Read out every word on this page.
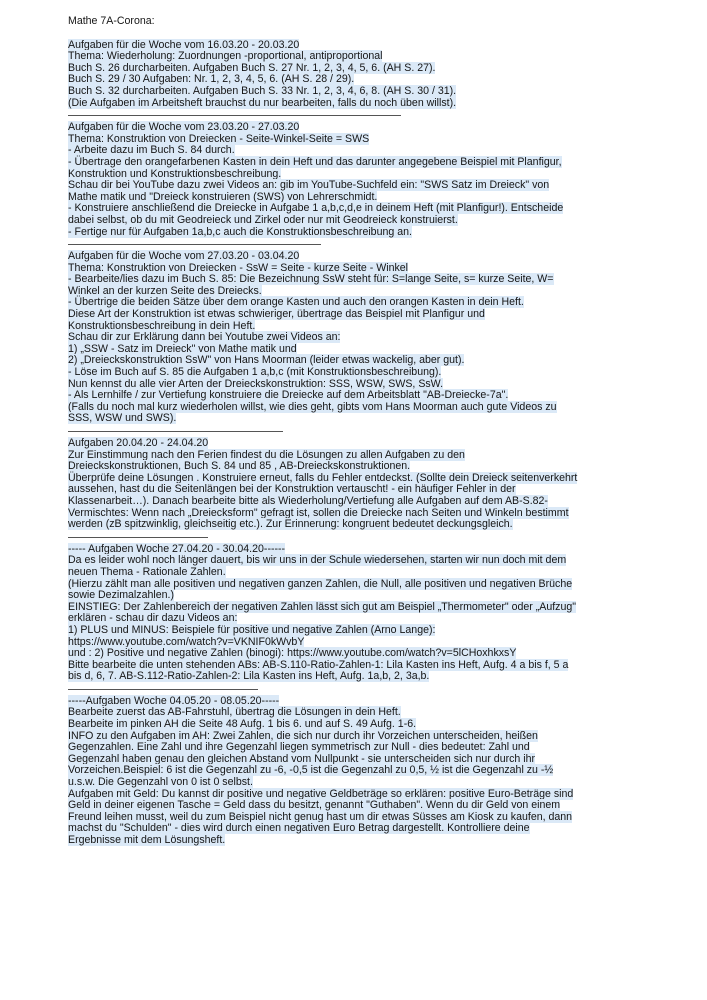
Mathe 7A-Corona:
Aufgaben für die Woche vom 16.03.20 - 20.03.20
Thema: Wiederholung: Zuordnungen -proportional, antiproportional
Buch S. 26 durcharbeiten. Aufgaben Buch S. 27 Nr. 1, 2, 3, 4, 5, 6. (AH S. 27).
Buch S. 29 / 30 Aufgaben: Nr. 1, 2, 3, 4, 5, 6. (AH S. 28 / 29).
Buch S. 32 durcharbeiten. Aufgaben Buch S. 33 Nr. 1, 2, 3, 4, 6, 8. (AH S. 30 / 31).
(Die Aufgaben im Arbeitsheft brauchst du nur bearbeiten, falls du noch üben willst).
Aufgaben für die Woche vom 23.03.20 - 27.03.20
Thema: Konstruktion von Dreiecken - Seite-Winkel-Seite = SWS
- Arbeite dazu im Buch S. 84 durch.
- Übertrage den orangefarbenen Kasten in dein Heft und das darunter angegebene Beispiel mit Planfigur,
Konstruktion und Konstruktionsbeschreibung.
Schau dir bei YouTube dazu zwei Videos an: gib im YouTube-Suchfeld ein: "SWS Satz im Dreieck" von
Mathe matik und "Dreieck konstruieren (SWS) von Lehrerschmidt.
- Konstruiere anschließend die Dreiecke in Aufgabe 1 a,b,c,d,e in deinem Heft (mit Planfigur!). Entscheide
dabei selbst, ob du mit Geodreieck und Zirkel oder nur mit Geodreieck konstruierst.
- Fertige nur für Aufgaben 1a,b,c auch die Konstruktionsbeschreibung an.
Aufgaben für die Woche vom 27.03.20 - 03.04.20
Thema: Konstruktion von Dreiecken - SsW = Seite - kurze Seite - Winkel
- Bearbeite/lies dazu im Buch S. 85: Die Bezeichnung SsW steht für: S=lange Seite, s= kurze Seite, W=
Winkel an der kurzen Seite des Dreiecks.
- Übertrige die beiden Sätze über dem orange Kasten und auch den orangen Kasten in dein Heft.
Diese Art der Konstruktion ist etwas schwieriger, übertrage das Beispiel mit Planfigur und
Konstruktionsbeschreibung in dein Heft.
Schau dir zur Erklärung dann bei Youtube zwei Videos an:
1) „SSW - Satz im Dreieck" von Mathe matik und
2) „Dreieckskonstruktion SsW" von Hans Moorman (leider etwas wackelig, aber gut).
- Löse im Buch auf S. 85 die Aufgaben 1 a,b,c (mit Konstruktionsbeschreibung).
Nun kennst du alle vier Arten der Dreieckskonstruktion: SSS, WSW, SWS, SsW.
- Als Lernhilfe / zur Vertiefung konstruiere die Dreiecke auf dem Arbeitsblatt "AB-Dreiecke-7a".
(Falls du noch mal kurz wiederholen willst, wie dies geht, gibts vom Hans Moorman auch gute Videos zu
SSS, WSW und SWS).
Aufgaben 20.04.20 - 24.04.20
Zur Einstimmung nach den Ferien findest du die Lösungen zu allen Aufgaben zu den
Dreieckskonstruktionen, Buch S. 84 und 85 , AB-Dreieckskonstruktionen.
Überprüfe deine Lösungen . Konstruiere erneut, falls du Fehler entdeckst. (Sollte dein Dreieck seitenverkehrt
aussehen, hast du die Seitenlängen bei der Konstruktion vertauscht! - ein häufiger Fehler in der
Klassenarbeit…). Danach bearbeite bitte als Wiederholung/Vertiefung alle Aufgaben auf dem AB-S.82-
Vermischtes: Wenn nach „Dreiecksform" gefragt ist, sollen die Dreiecke nach Seiten und Winkeln bestimmt
werden (zB spitzwinklig, gleichseitig etc.). Zur Erinnerung: kongruent bedeutet deckungsgleich.
----- Aufgaben Woche 27.04.20 - 30.04.20------
Da es leider wohl noch länger dauert, bis wir uns in der Schule wiedersehen, starten wir nun doch mit dem
neuen Thema - Rationale Zahlen.
(Hierzu zählt man alle positiven und negativen ganzen Zahlen, die Null, alle positiven und negativen Brüche
sowie Dezimalzahlen.)
EINSTIEG: Der Zahlenbereich der negativen Zahlen lässt sich gut am Beispiel „Thermometer" oder „Aufzug"
erklären - schau dir dazu Videos an:
1) PLUS und MINUS: Beispiele für positive und negative Zahlen (Arno Lange):
https://www.youtube.com/watch?v=VKNIF0kWvbY
und : 2) Positive und negative Zahlen (binogi): https://www.youtube.com/watch?v=5lCHoxhkxsY
Bitte bearbeite die unten stehenden ABs: AB-S.110-Ratio-Zahlen-1: Lila Kasten ins Heft, Aufg. 4 a bis f, 5 a
bis d, 6, 7. AB-S.112-Ratio-Zahlen-2: Lila Kasten ins Heft, Aufg. 1a,b, 2, 3a,b.
-----Aufgaben Woche 04.05.20 - 08.05.20-----
Bearbeite zuerst das AB-Fahrstuhl, übertrag die Lösungen in dein Heft.
Bearbeite im pinken AH die Seite 48 Aufg. 1 bis 6. und auf S. 49 Aufg. 1-6.
INFO zu den Aufgaben im AH: Zwei Zahlen, die sich nur durch ihr Vorzeichen unterscheiden, heißen
Gegenzahlen. Eine Zahl und ihre Gegenzahl liegen symmetrisch zur Null - dies bedeutet: Zahl und
Gegenzahl haben genau den gleichen Abstand vom Nullpunkt - sie unterscheiden sich nur durch ihr
Vorzeichen.Beispiel: 6 ist die Gegenzahl zu -6, -0,5 ist die Gegenzahl zu 0,5, ½ ist die Gegenzahl zu -½
u.s.w. Die Gegenzahl von 0 ist 0 selbst.
Aufgaben mit Geld: Du kannst dir positive und negative Geldbeträge so erklären: positive Euro-Beträge sind
Geld in deiner eigenen Tasche = Geld dass du besitzt, genannt "Guthaben". Wenn du dir Geld von einem
Freund leihen musst, weil du zum Beispiel nicht genug hast um dir etwas Süsses am Kiosk zu kaufen, dann
machst du "Schulden" - dies wird durch einen negativen Euro Betrag dargestellt. Kontrolliere deine
Ergebnisse mit dem Lösungsheft.
